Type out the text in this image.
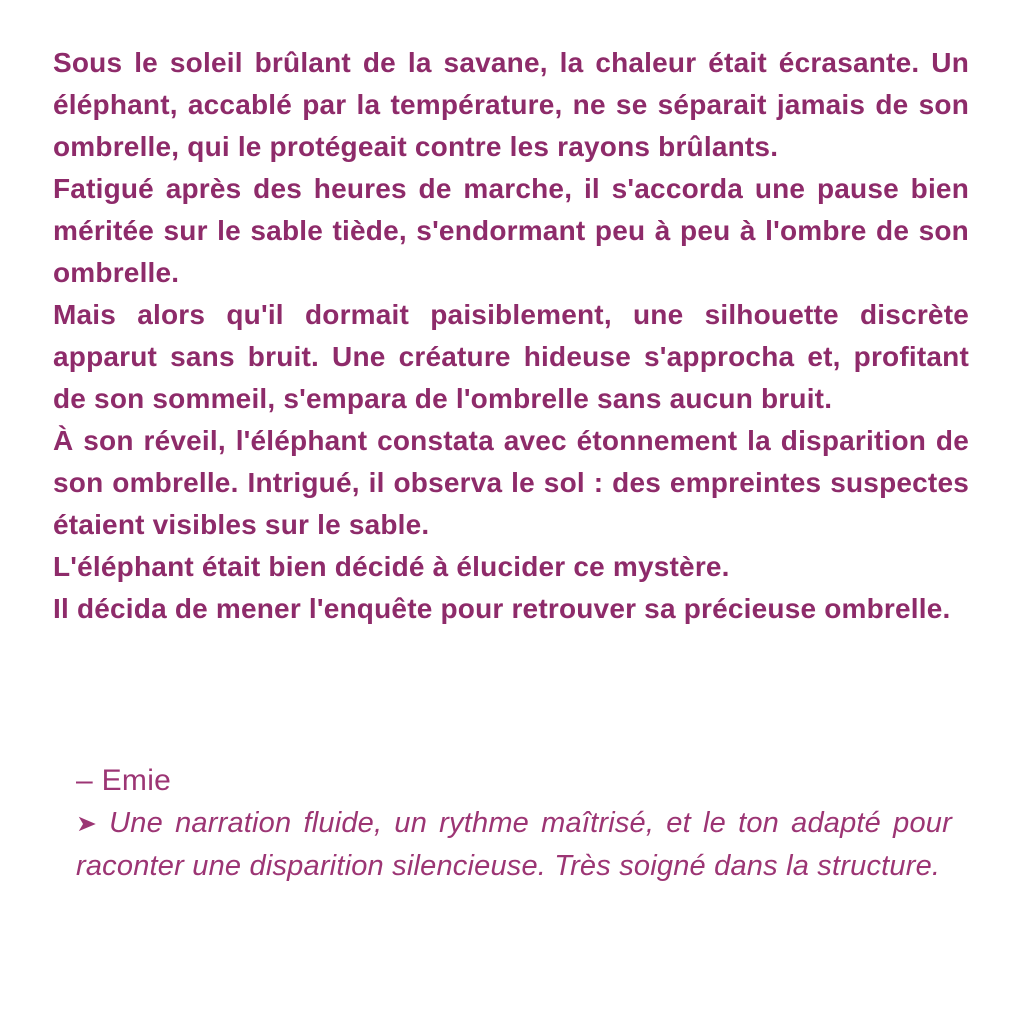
Sous le soleil brûlant de la savane, la chaleur était écrasante. Un éléphant, accablé par la température, ne se séparait jamais de son ombrelle, qui le protégeait contre les rayons brûlants.

Fatigué après des heures de marche, il s'accorda une pause bien méritée sur le sable tiède, s'endormant peu à peu à l'ombre de son ombrelle.

Mais alors qu'il dormait paisiblement, une silhouette discrète apparut sans bruit. Une créature hideuse s'approcha et, profitant de son sommeil, s'empara de l'ombrelle sans aucun bruit.

À son réveil, l'éléphant constata avec étonnement la disparition de son ombrelle. Intrigué, il observa le sol : des empreintes suspectes étaient visibles sur le sable.

L'éléphant était bien décidé à élucider ce mystère.

Il décida de mener l'enquête pour retrouver sa précieuse ombrelle.

– Emie

➤ Une narration fluide, un rythme maîtrisé, et le ton adapté pour raconter une disparition silencieuse. Très soigné dans la structure.
